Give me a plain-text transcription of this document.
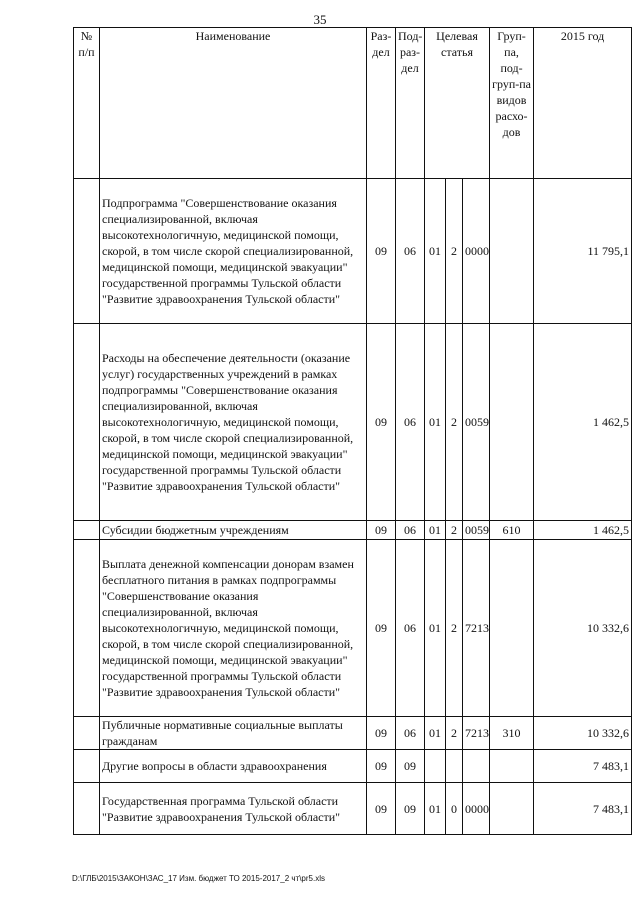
35
№ п/п	Наименование	Раз-дел	Под-раз-дел	Целевая статья			Груп-па, под-груп-па видов расхо-дов	2015 год
	Подпрограмма "Совершенствование оказания специализированной, включая высокотехнологичную, медицинской помощи, скорой, в том числе скорой специализированной, медицинской помощи, медицинской эвакуации" государственной программы Тульской области "Развитие здравоохранения Тульской области"	09	06	01	2	0000		11 795,1
	Расходы на обеспечение деятельности (оказание услуг) государственных учреждений в рамках подпрограммы "Совершенствование оказания специализированной, включая высокотехнологичную, медицинской помощи, скорой, в том числе скорой специализированной, медицинской помощи, медицинской эвакуации" государственной программы Тульской области "Развитие здравоохранения Тульской области"	09	06	01	2	0059		1 462,5
	Субсидии бюджетным учреждениям	09	06	01	2	0059	610	1 462,5
	Выплата денежной компенсации донорам взамен бесплатного питания в рамках подпрограммы "Совершенствование оказания специализированной, включая высокотехнологичную, медицинской помощи, скорой, в том числе скорой специализированной, медицинской помощи, медицинской эвакуации" государственной программы Тульской области "Развитие здравоохранения Тульской области"	09	06	01	2	7213		10 332,6
	Публичные нормативные социальные выплаты гражданам	09	06	01	2	7213	310	10 332,6
	Другие вопросы в области здравоохранения	09	09					7 483,1
	Государственная программа Тульской области "Развитие здравоохранения Тульской области"	09	09	01	0	0000		7 483,1
D:\ГЛБ\2015\ЗАКОН\ЗАС_17 Изм. бюджет ТО 2015-2017_2 чт\pr5.xls
